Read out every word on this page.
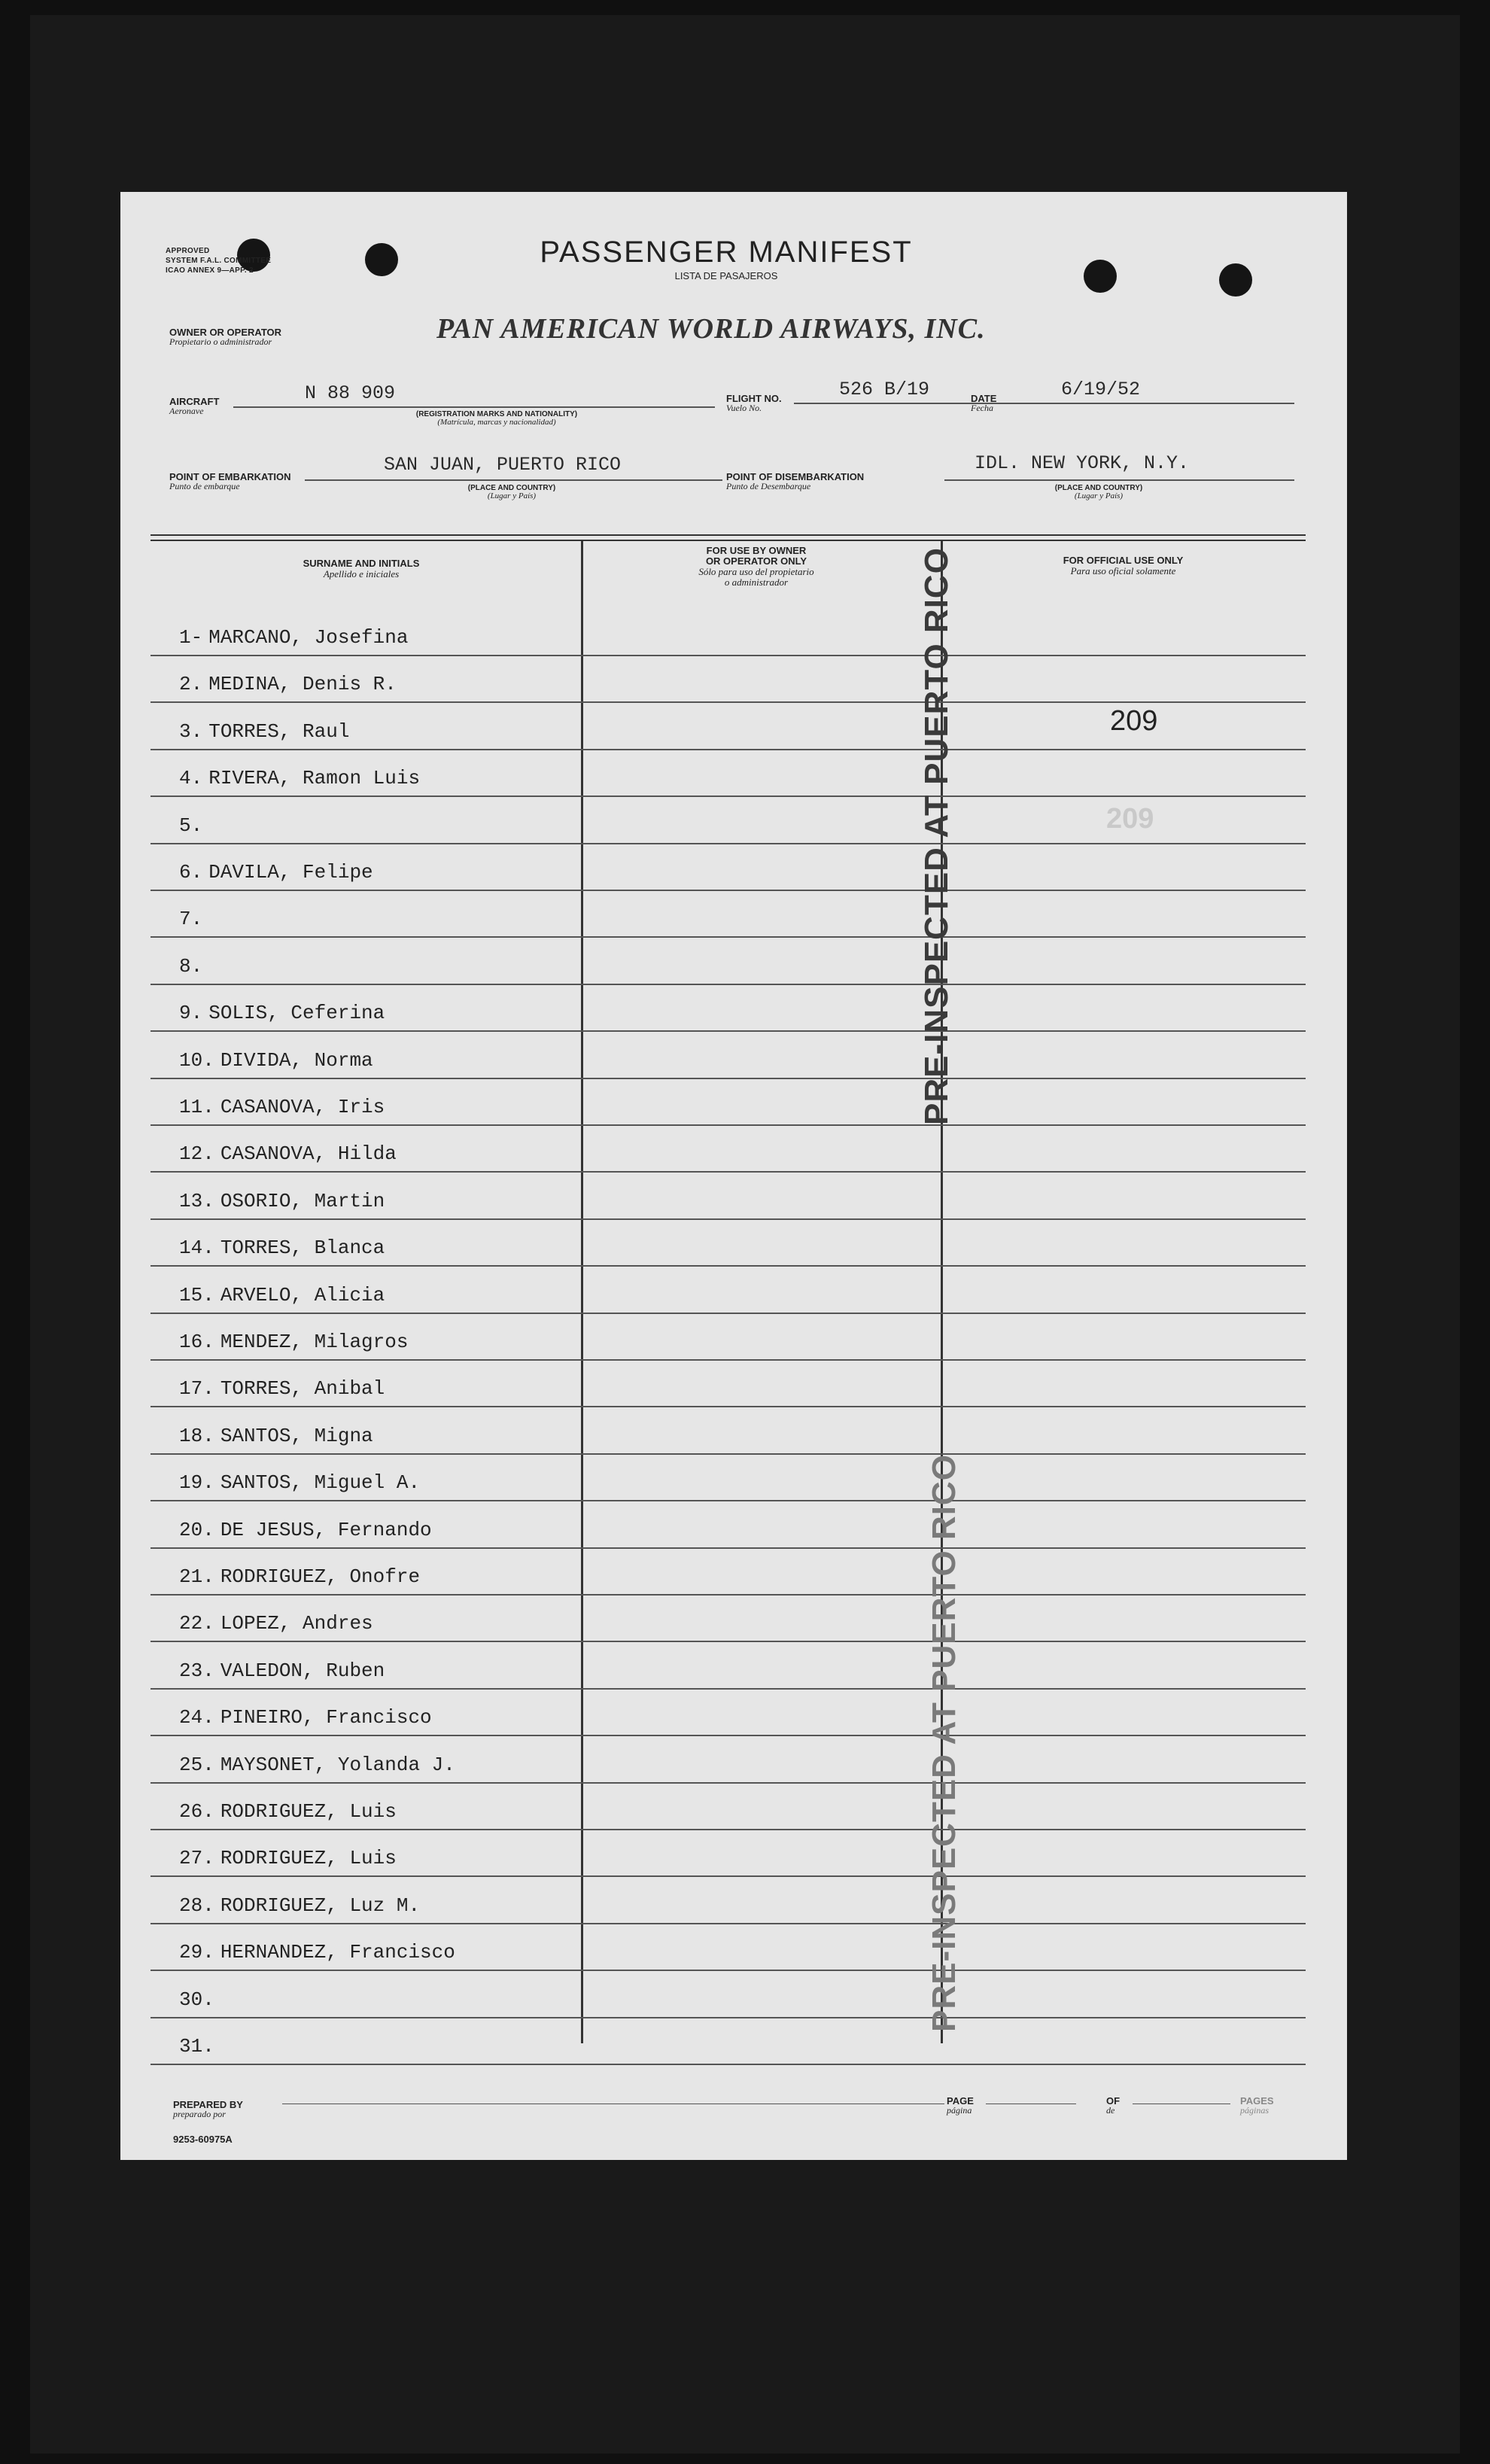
APPROVED
SYSTEM F.A.L. COMMITTEE
ICAO ANNEX 9—APP. 2
PASSENGER MANIFEST
LISTA DE PASAJEROS
OWNER OR OPERATOR
Propietario o administrador	PAN AMERICAN WORLD AIRWAYS, INC.
AIRCRAFT
Aeronave
N 88 909
(REGISTRATION MARKS AND NATIONALITY)
(Matrícula, marcas y nacionalidad)
FLIGHT NO.
Vuelo No.
526 B/19	DATE
Fecha
6/19/52
POINT OF EMBARKATION
Punto de embarque
SAN JUAN, PUERTO RICO
(PLACE AND COUNTRY)
(Lugar y País)
POINT OF DISEMBARKATION
Punto de Desembarque
IDL. NEW YORK, N.Y.
(PLACE AND COUNTRY)
(Lugar y País)
SURNAME AND INITIALS
Apellido e iniciales
FOR USE BY OWNER
OR OPERATOR ONLY
Sólo para uso del propietario
o administrador
FOR OFFICIAL USE ONLY
Para uso oficial solamente
1- MARCANO, Josefina
2. MEDINA, Denis R.
3. TORRES, Raul
4. RIVERA, Ramon Luis
5.
6. DAVILA, Felipe
7.
8.
9. SOLIS, Ceferina
10. DIVIDA, Norma
11. CASANOVA, Iris
12. CASANOVA, Hilda
13. OSORIO, Martin
14. TORRES, Blanca
15. ARVELO, Alicia
16. MENDEZ, Milagros
17. TORRES, Anibal
18. SANTOS, Migna
19. SANTOS, Miguel A.
20. DE JESUS, Fernando
21. RODRIGUEZ, Onofre
22. LOPEZ, Andres
23. VALEDON, Ruben
24. PINEIRO, Francisco
25. MAYSONET, Yolanda J.
26. RODRIGUEZ, Luis
27. RODRIGUEZ, Luis
28. RODRIGUEZ, Luz M.
29. HERNANDEZ, Francisco
30.
31.
PRE-INSPECTED AT PUERTO RICO
PRE-INSPECTED AT PUERTO RICO
209
209
PREPARED BY
preparado por
PAGE
página
OF
de
PAGES
páginas
9253-60975A
